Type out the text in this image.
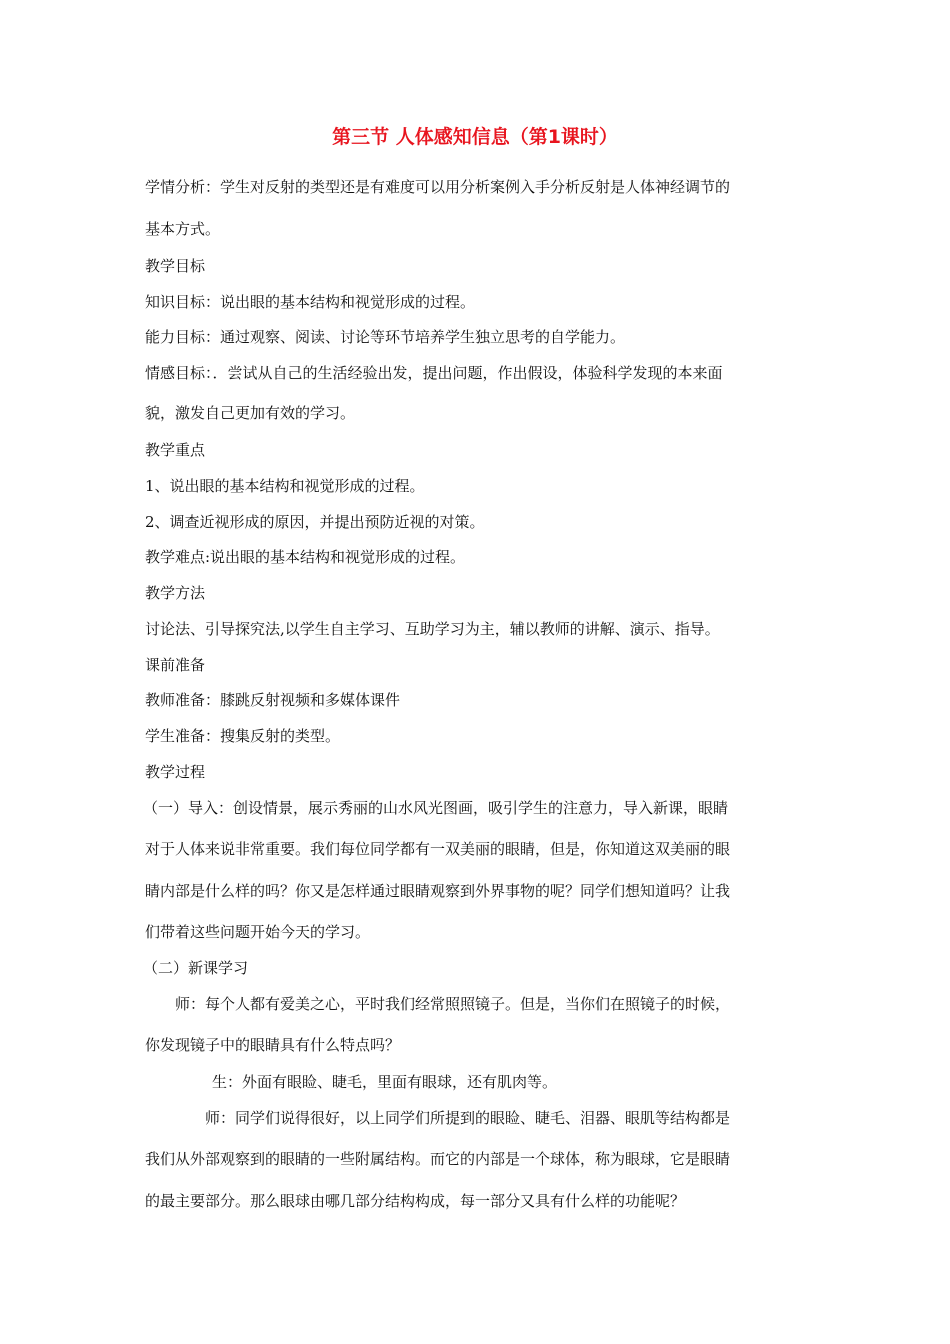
第三节 人体感知信息（第1课时）
学情分析：学生对反射的类型还是有难度可以用分析案例入手分析反射是人体神经调节的
基本方式。
教学目标
知识目标：说出眼的基本结构和视觉形成的过程。
能力目标：通过观察、阅读、讨论等环节培养学生独立思考的自学能力。
情感目标：．尝试从自己的生活经验出发，提出问题，作出假设，体验科学发现的本来面
貌，激发自己更加有效的学习。
教学重点
1、说出眼的基本结构和视觉形成的过程。
2、调查近视形成的原因，并提出预防近视的对策。
教学难点:说出眼的基本结构和视觉形成的过程。
教学方法
讨论法、引导探究法,以学生自主学习、互助学习为主，辅以教师的讲解、演示、指导。
课前准备
教师准备：膝跳反射视频和多媒体课件
学生准备：搜集反射的类型。
教学过程
（一）导入：创设情景，展示秀丽的山水风光图画，吸引学生的注意力，导入新课，眼睛
对于人体来说非常重要。我们每位同学都有一双美丽的眼睛，但是，你知道这双美丽的眼
睛内部是什么样的吗？你又是怎样通过眼睛观察到外界事物的呢？同学们想知道吗？让我
们带着这些问题开始今天的学习。
（二）新课学习
师：每个人都有爱美之心，平时我们经常照照镜子。但是，当你们在照镜子的时候，
你发现镜子中的眼睛具有什么特点吗？
生：外面有眼睑、睫毛，里面有眼球，还有肌肉等。
师：同学们说得很好，以上同学们所提到的眼睑、睫毛、泪器、眼肌等结构都是
我们从外部观察到的眼睛的一些附属结构。而它的内部是一个球体，称为眼球，它是眼睛
的最主要部分。那么眼球由哪几部分结构构成，每一部分又具有什么样的功能呢？
